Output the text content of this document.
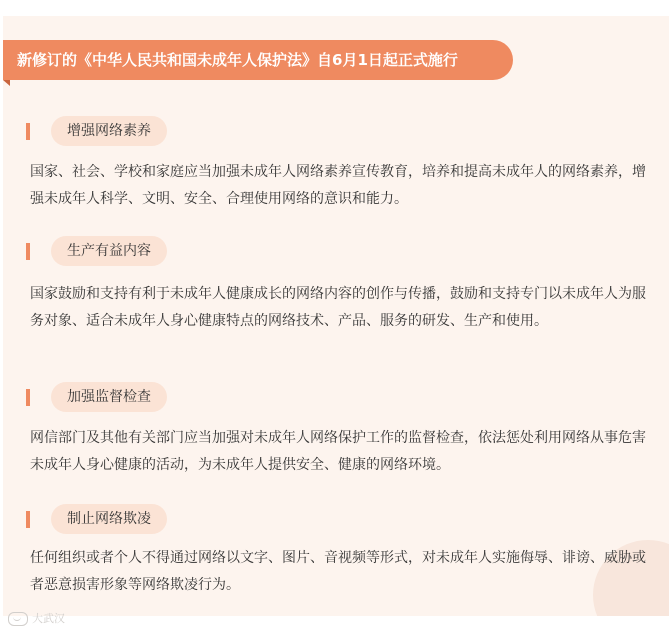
新修订的《中华人民共和国未成年人保护法》自6月1日起正式施行
增强网络素养

国家、社会、学校和家庭应当加强未成年人网络素养宣传教育，培养和提高未成年人的网络素养，增强未成年人科学、文明、安全、合理使用网络的意识和能力。

生产有益内容

国家鼓励和支持有利于未成年人健康成长的网络内容的创作与传播，鼓励和支持专门以未成年人为服务对象、适合未成年人身心健康特点的网络技术、产品、服务的研发、生产和使用。

加强监督检查

网信部门及其他有关部门应当加强对未成年人网络保护工作的监督检查，依法惩处利用网络从事危害未成年人身心健康的活动，为未成年人提供安全、健康的网络环境。

制止网络欺凌

任何组织或者个人不得通过网络以文字、图片、音视频等形式，对未成年人实施侮辱、诽谤、威胁或者恶意损害形象等网络欺凌行为。

大武汉
